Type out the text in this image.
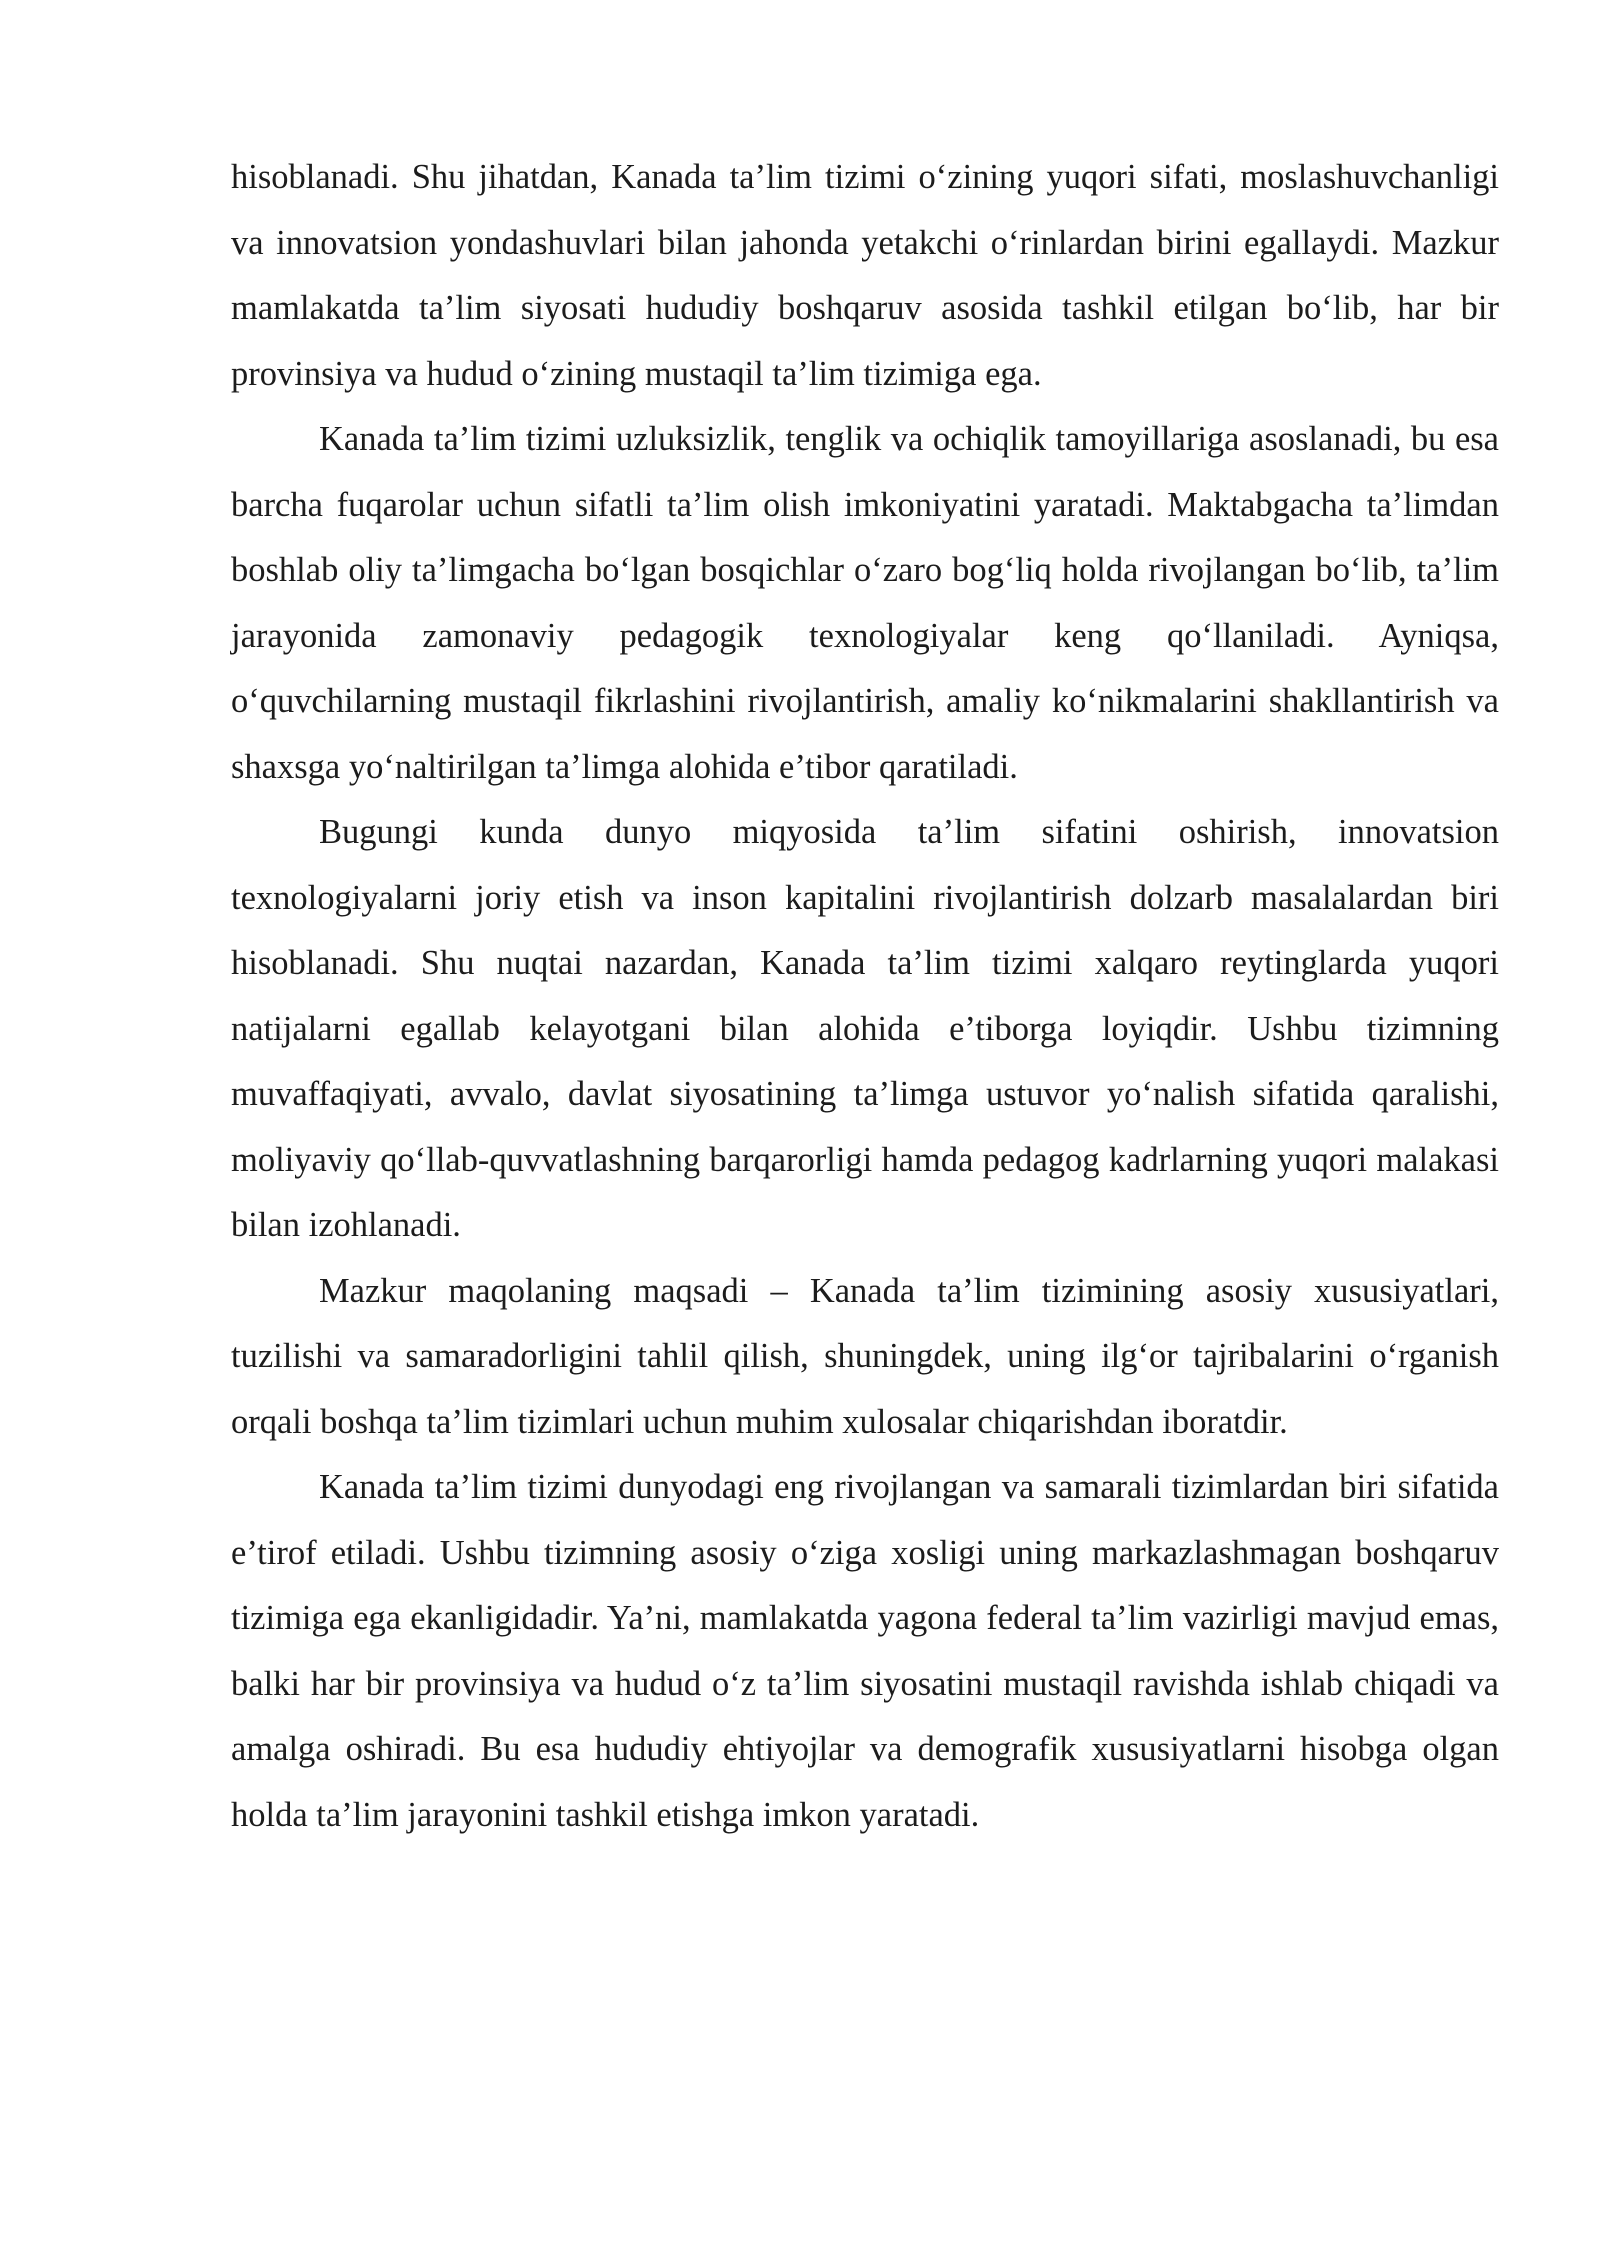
hisoblanadi. Shu jihatdan, Kanada ta’lim tizimi o‘zining yuqori sifati, moslashuvchanligi va innovatsion yondashuvlari bilan jahonda yetakchi o‘rinlardan birini egallaydi. Mazkur mamlakatda ta’lim siyosati hududiy boshqaruv asosida tashkil etilgan bo‘lib, har bir provinsiya va hudud o‘zining mustaqil ta’lim tizimiga ega.

Kanada ta’lim tizimi uzluksizlik, tenglik va ochiqlik tamoyillariga asoslanadi, bu esa barcha fuqarolar uchun sifatli ta’lim olish imkoniyatini yaratadi. Maktabgacha ta’limdan boshlab oliy ta’limgacha bo‘lgan bosqichlar o‘zaro bog‘liq holda rivojlangan bo‘lib, ta’lim jarayonida zamonaviy pedagogik texnologiyalar keng qo‘llaniladi. Ayniqsa, o‘quvchilarning mustaqil fikrlashini rivojlantirish, amaliy ko‘nikmalarini shakllantirish va shaxsga yo‘naltirilgan ta’limga alohida e’tibor qaratiladi.

Bugungi kunda dunyo miqyosida ta’lim sifatini oshirish, innovatsion texnologiyalarni joriy etish va inson kapitalini rivojlantirish dolzarb masalalardan biri hisoblanadi. Shu nuqtai nazardan, Kanada ta’lim tizimi xalqaro reytinglarda yuqori natijalarni egallab kelayotgani bilan alohida e’tiborga loyiqdir. Ushbu tizimning muvaffaqiyati, avvalo, davlat siyosatining ta’limga ustuvor yo‘nalish sifatida qaralishi, moliyaviy qo‘llab-quvvatlashning barqarorligi hamda pedagog kadrlarning yuqori malakasi bilan izohlanadi.

Mazkur maqolaning maqsadi – Kanada ta’lim tizimining asosiy xususiyatlari, tuzilishi va samaradorligini tahlil qilish, shuningdek, uning ilg‘or tajribalarini o‘rganish orqali boshqa ta’lim tizimlari uchun muhim xulosalar chiqarishdan iboratdir.

Kanada ta’lim tizimi dunyodagi eng rivojlangan va samarali tizimlardan biri sifatida e’tirof etiladi. Ushbu tizimning asosiy o‘ziga xosligi uning markazlashmagan boshqaruv tizimiga ega ekanligidadir. Ya’ni, mamlakatda yagona federal ta’lim vazirligi mavjud emas, balki har bir provinsiya va hudud o‘z ta’lim siyosatini mustaqil ravishda ishlab chiqadi va amalga oshiradi. Bu esa hududiy ehtiyojlar va demografik xususiyatlarni hisobga olgan holda ta’lim jarayonini tashkil etishga imkon yaratadi.
